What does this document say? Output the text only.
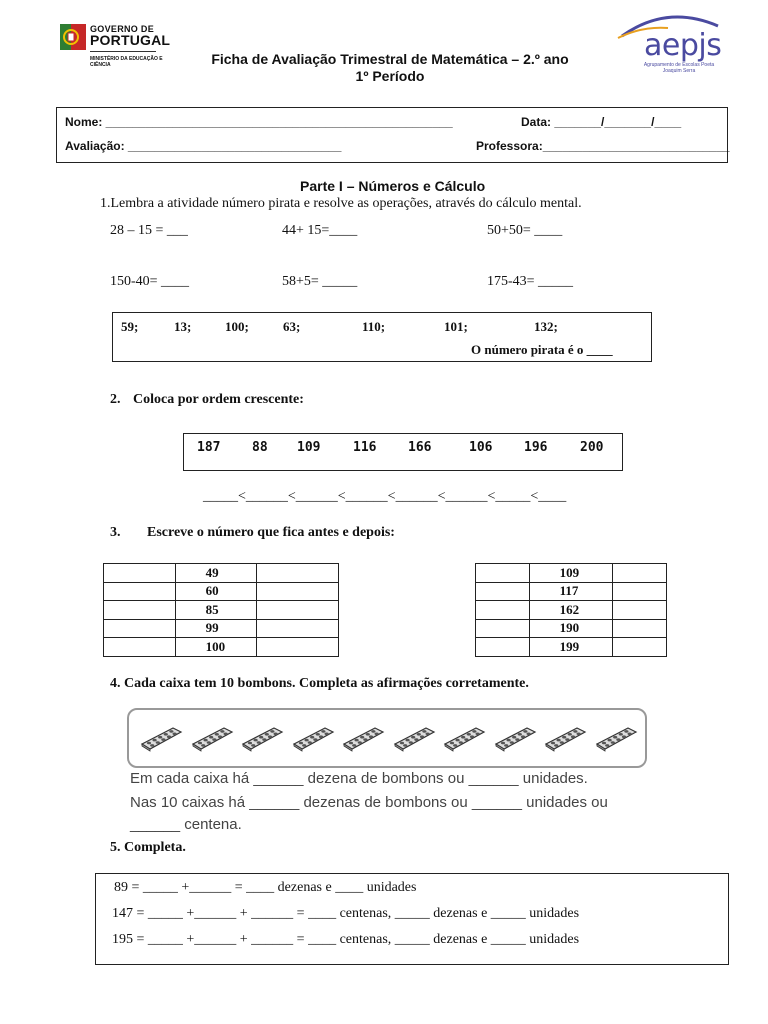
GOVERNO DE
PORTUGAL
MINISTÉRIO DA EDUCAÇÃO E CIÊNCIA	Ficha de Avaliação Trimestral de Matemática – 2.º ano
1º Período
aepjs
Agrupamento de Escolas Poeta Joaquim Serra
Nome: ____________________________________________________	Data: _______/_______/____
Avaliação: ________________________________	Professora:____________________________
Parte I – Números e Cálculo
1.Lembra a atividade número pirata e resolve as operações, através do cálculo mental.
28 – 15 = ___	44+ 15=____	50+50= ____
150-40= ____	58+5= _____	175-43= _____
59;	13;	100;	63;	110;	101;	132;
O número pirata é o ____
2. Coloca por ordem crescente:
187 88 109	116 166	106 196	200
_____<______<______<______<______<______<_____<____
3. Escreve o número que fica antes e depois:
	49	
	60	
	85	
	99	
	100	
	109	
	117	
	162	
	190	
	199	
4. Cada caixa tem 10 bombons. Completa as afirmações corretamente.
Em cada caixa há ______ dezena de bombons ou ______ unidades.
Nas 10 caixas há ______ dezenas de bombons ou ______ unidades ou
______ centena.
5. Completa.
89 = _____ +______ = ____ dezenas e ____ unidades
147 = _____ +______ + ______ = ____ centenas, _____ dezenas e _____ unidades
195 = _____ +______ + ______ = ____ centenas, _____ dezenas e _____ unidades
